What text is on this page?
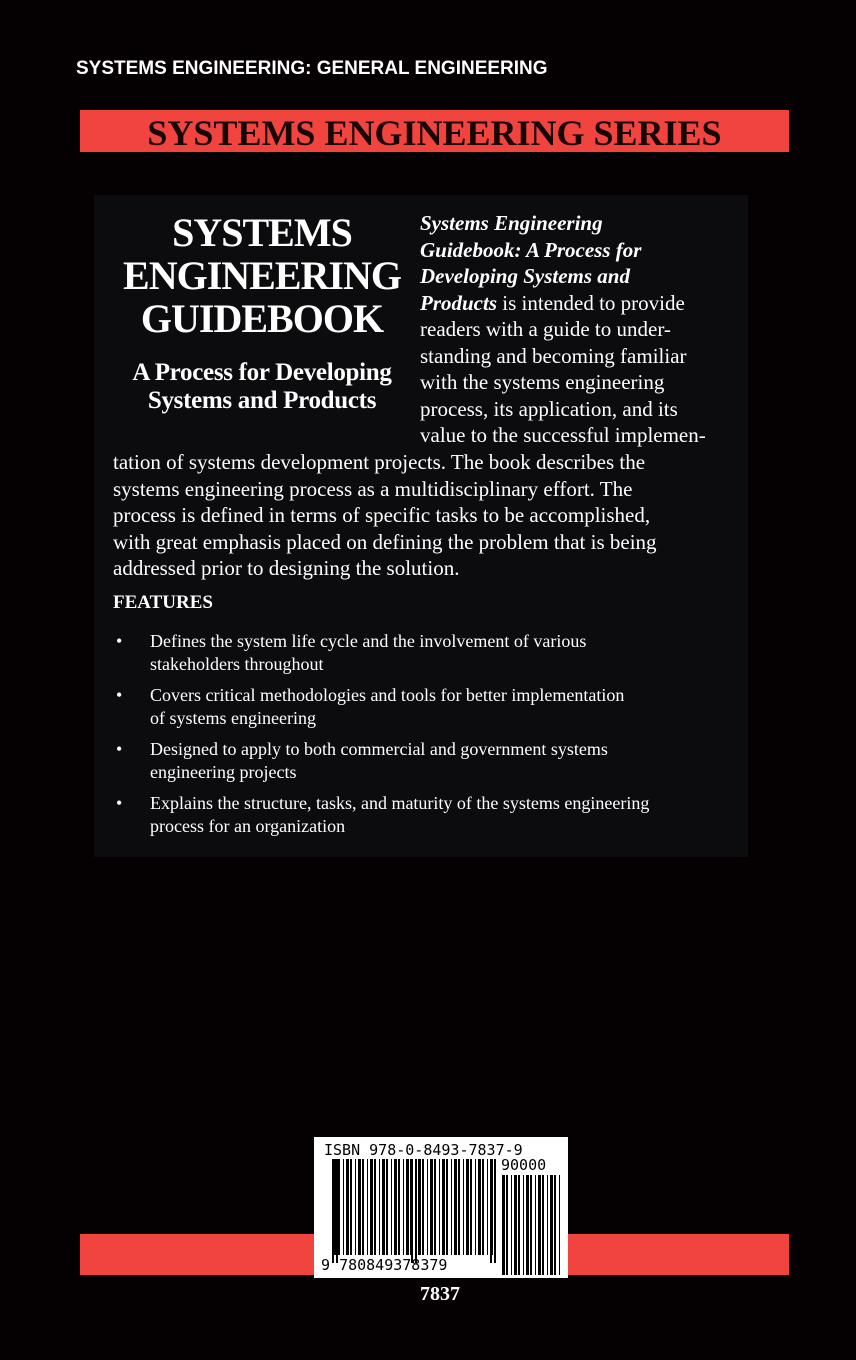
SYSTEMS ENGINEERING: GENERAL ENGINEERING
SYSTEMS ENGINEERING SERIES
SYSTEMS
ENGINEERING
GUIDEBOOK
A Process for Developing
Systems and Products
Systems Engineering
Guidebook: A Process for
Developing Systems and
Products is intended to provide
readers with a guide to under-
standing and becoming familiar
with the systems engineering
process, its application, and its
value to the successful implemen-
tation of systems development projects. The book describes the
systems engineering process as a multidisciplinary effort. The
process is defined in terms of specific tasks to be accomplished,
with great emphasis placed on defining the problem that is being
addressed prior to designing the solution.
FEATURES
• Defines the system life cycle and the involvement of various
stakeholders throughout
• Covers critical methodologies and tools for better implementation
of systems engineering
• Designed to apply to both commercial and government systems
engineering projects
• Explains the structure, tasks, and maturity of the systems engineering
process for an organization
ISBN 978-0-8493-7837-9
90000
9 780849378379
7837
